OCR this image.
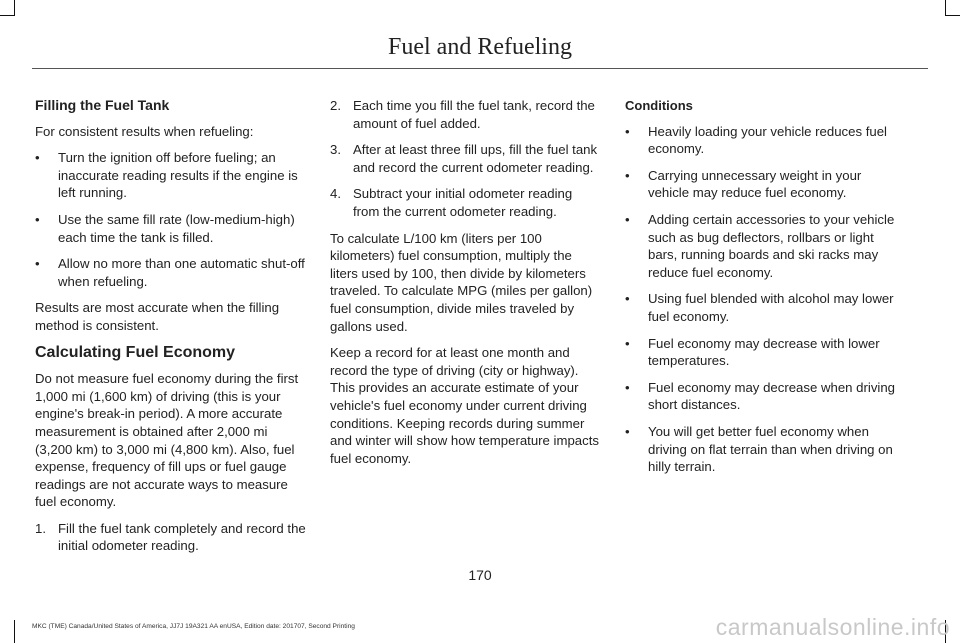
Fuel and Refueling
Filling the Fuel Tank

For consistent results when refueling:

• Turn the ignition off before fueling; an inaccurate reading results if the engine is left running.
• Use the same fill rate (low-medium-high) each time the tank is filled.
• Allow no more than one automatic shut-off when refueling.

Results are most accurate when the filling method is consistent.

Calculating Fuel Economy

Do not measure fuel economy during the first 1,000 mi (1,600 km) of driving (this is your engine's break-in period). A more accurate measurement is obtained after 2,000 mi (3,200 km) to 3,000 mi (4,800 km). Also, fuel expense, frequency of fill ups or fuel gauge readings are not accurate ways to measure fuel economy.

1. Fill the fuel tank completely and record the initial odometer reading.
2. Each time you fill the fuel tank, record the amount of fuel added.
3. After at least three fill ups, fill the fuel tank and record the current odometer reading.
4. Subtract your initial odometer reading from the current odometer reading.

To calculate L/100 km (liters per 100 kilometers) fuel consumption, multiply the liters used by 100, then divide by kilometers traveled. To calculate MPG (miles per gallon) fuel consumption, divide miles traveled by gallons used.

Keep a record for at least one month and record the type of driving (city or highway). This provides an accurate estimate of your vehicle's fuel economy under current driving conditions. Keeping records during summer and winter will show how temperature impacts fuel economy.

Conditions
• Heavily loading your vehicle reduces fuel economy.
• Carrying unnecessary weight in your vehicle may reduce fuel economy.
• Adding certain accessories to your vehicle such as bug deflectors, rollbars or light bars, running boards and ski racks may reduce fuel economy.
• Using fuel blended with alcohol may lower fuel economy.
• Fuel economy may decrease with lower temperatures.
• Fuel economy may decrease when driving short distances.
• You will get better fuel economy when driving on flat terrain than when driving on hilly terrain.
170
MKC (TME) Canada/United States of America, JJ7J 19A321 AA enUSA, Edition date: 201707, Second Printing	carmanualsonline.info
